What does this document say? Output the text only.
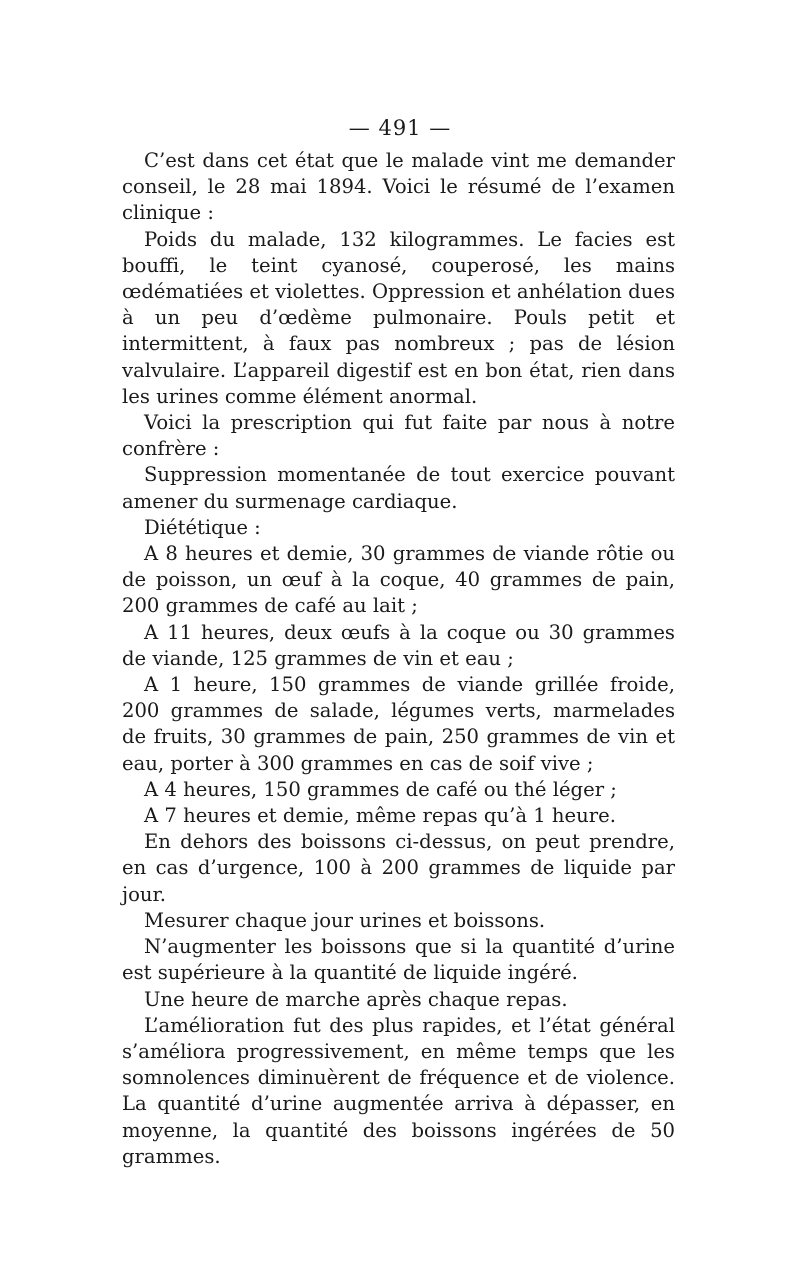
— 491 —

C’est dans cet état que le malade vint me demander conseil, le 28 mai 1894. Voici le résumé de l’examen clinique :

Poids du malade, 132 kilogrammes. Le facies est bouffi, le teint cyanosé, couperosé, les mains œdématiées et violettes. Oppression et anhélation dues à un peu d’œdème pulmonaire. Pouls petit et intermittent, à faux pas nombreux ; pas de lésion valvulaire. L’appareil digestif est en bon état, rien dans les urines comme élément anormal.

Voici la prescription qui fut faite par nous à notre confrère :

Suppression momentanée de tout exercice pouvant amener du surmenage cardiaque.

Diététique :

A 8 heures et demie, 30 grammes de viande rôtie ou de poisson, un œuf à la coque, 40 grammes de pain, 200 grammes de café au lait ;

A 11 heures, deux œufs à la coque ou 30 grammes de viande, 125 grammes de vin et eau ;

A 1 heure, 150 grammes de viande grillée froide, 200 grammes de salade, légumes verts, marmelades de fruits, 30 grammes de pain, 250 grammes de vin et eau, porter à 300 grammes en cas de soif vive ;

A 4 heures, 150 grammes de café ou thé léger ;

A 7 heures et demie, même repas qu’à 1 heure.

En dehors des boissons ci-dessus, on peut prendre, en cas d’urgence, 100 à 200 grammes de liquide par jour.

Mesurer chaque jour urines et boissons.

N’augmenter les boissons que si la quantité d’urine est supérieure à la quantité de liquide ingéré.

Une heure de marche après chaque repas.

L’amélioration fut des plus rapides, et l’état général s’améliora progressivement, en même temps que les somnolences diminuèrent de fréquence et de violence. La quantité d’urine augmentée arriva à dépasser, en moyenne, la quantité des boissons ingérées de 50 grammes.
